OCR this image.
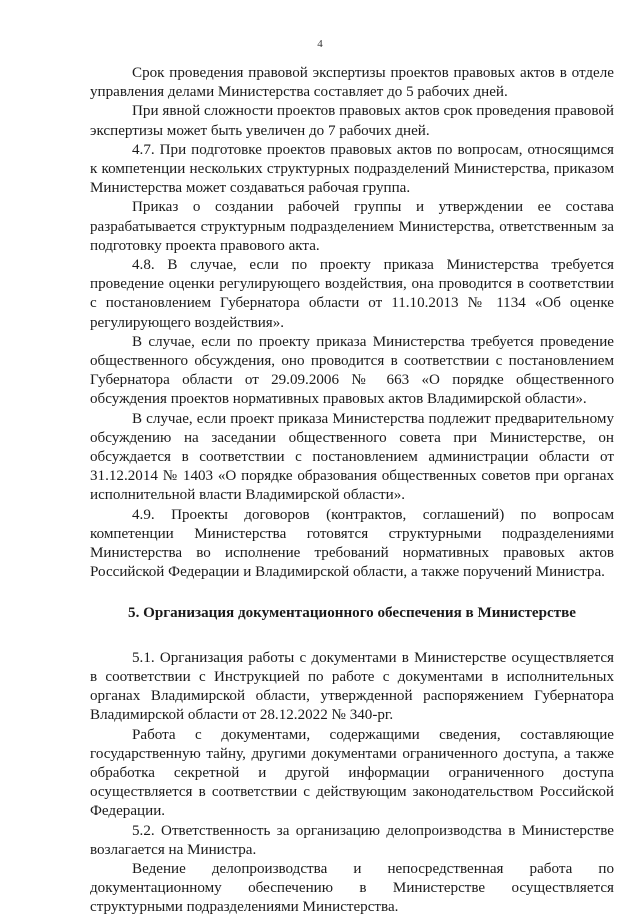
4

Срок проведения правовой экспертизы проектов правовых актов в отделе управления делами Министерства составляет до 5 рабочих дней.

При явной сложности проектов правовых актов срок проведения правовой экспертизы может быть увеличен до 7 рабочих дней.

4.7. При подготовке проектов правовых актов по вопросам, относящимся к компетенции нескольких структурных подразделений Министерства, приказом Министерства может создаваться рабочая группа.

Приказ о создании рабочей группы и утверждении ее состава разрабатывается структурным подразделением Министерства, ответственным за подготовку проекта правового акта.

4.8. В случае, если по проекту приказа Министерства требуется проведение оценки регулирующего воздействия, она проводится в соответствии с постановлением Губернатора области от 11.10.2013 № 1134 «Об оценке регулирующего воздействия».

В случае, если по проекту приказа Министерства требуется проведение общественного обсуждения, оно проводится в соответствии с постановлением Губернатора области от 29.09.2006 № 663 «О порядке общественного обсуждения проектов нормативных правовых актов Владимирской области».

В случае, если проект приказа Министерства подлежит предварительному обсуждению на заседании общественного совета при Министерстве, он обсуждается в соответствии с постановлением администрации области от 31.12.2014 № 1403 «О порядке образования общественных советов при органах исполнительной власти Владимирской области».

4.9. Проекты договоров (контрактов, соглашений) по вопросам компетенции Министерства готовятся структурными подразделениями Министерства во исполнение требований нормативных правовых актов Российской Федерации и Владимирской области, а также поручений Министра.

5. Организация документационного обеспечения в Министерстве

5.1. Организация работы с документами в Министерстве осуществляется в соответствии с Инструкцией по работе с документами в исполнительных органах Владимирской области, утвержденной распоряжением Губернатора Владимирской области от 28.12.2022 № 340-рг.

Работа с документами, содержащими сведения, составляющие государственную тайну, другими документами ограниченного доступа, а также обработка секретной и другой информации ограниченного доступа осуществляется в соответствии с действующим законодательством Российской Федерации.

5.2. Ответственность за организацию делопроизводства в Министерстве возлагается на Министра.

Ведение делопроизводства и непосредственная работа по документационному обеспечению в Министерстве осуществляется структурными подразделениями Министерства.
